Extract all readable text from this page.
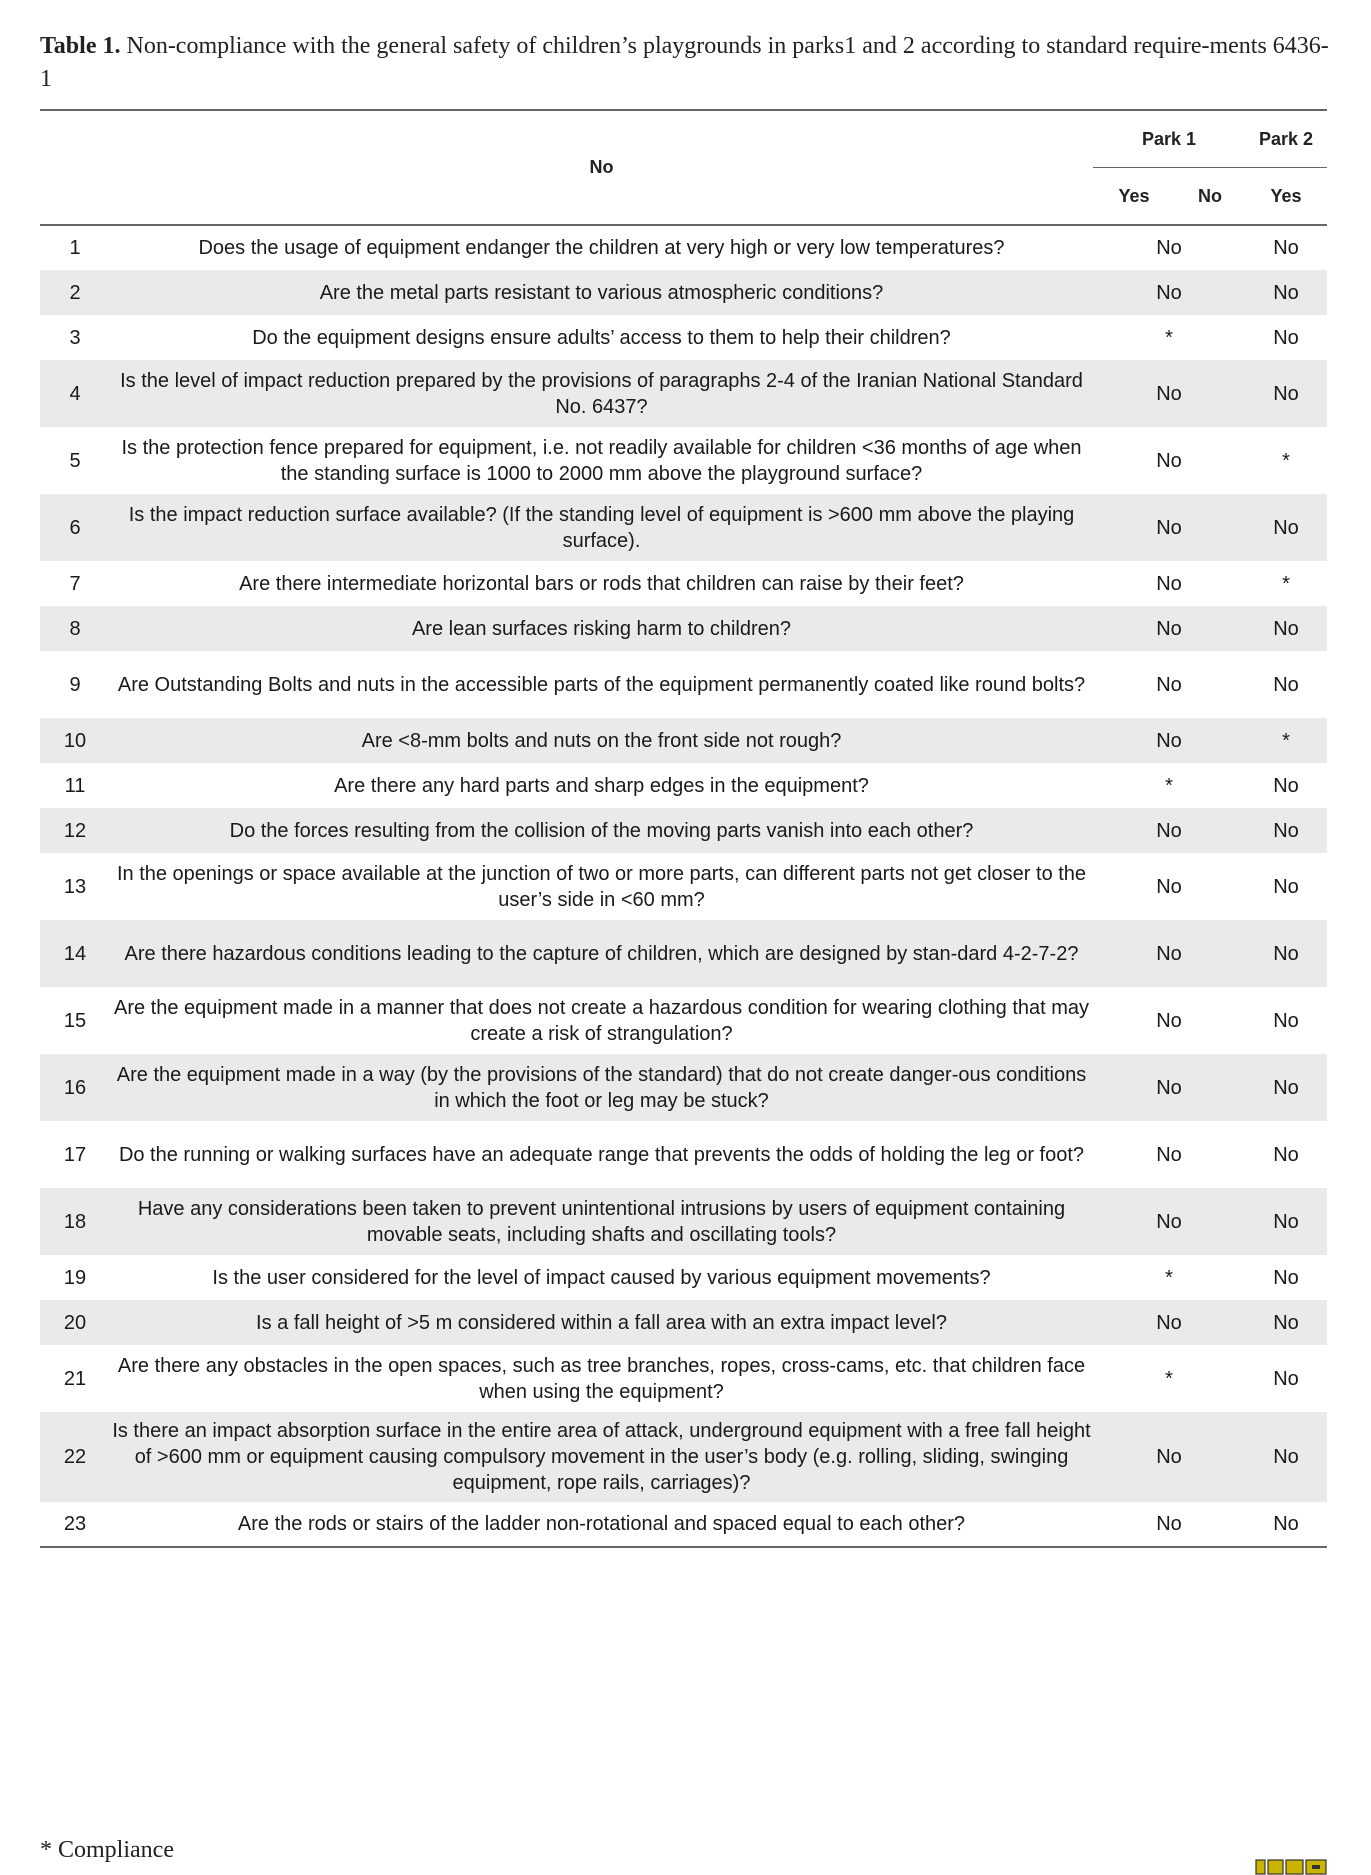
Table 1. Non-compliance with the general safety of children’s playgrounds in parks1 and 2 according to standard require-ments 6436-1
	No	Park 1		Park 2
		Yes	No	Yes
1	Does the usage of equipment endanger the children at very high or very low temperatures?	No		No
2	Are the metal parts resistant to various atmospheric conditions?	No		No
3	Do the equipment designs ensure adults’ access to them to help their children?	*		No
4	Is the level of impact reduction prepared by the provisions of paragraphs 2-4 of the Iranian National Standard No. 6437?	No		No
5	Is the protection fence prepared for equipment, i.e. not readily available for children <36 months of age when the standing surface is 1000 to 2000 mm above the playground surface?	No		*
6	Is the impact reduction surface available? (If the standing level of equipment is >600 mm above the playing surface).	No		No
7	Are there intermediate horizontal bars or rods that children can raise by their feet?	No		*
8	Are lean surfaces risking harm to children?	No		No
9	Are Outstanding Bolts and nuts in the accessible parts of the equipment permanently coated like round bolts?	No		No
10	Are <8-mm bolts and nuts on the front side not rough?	No		*
11	Are there any hard parts and sharp edges in the equipment?	*		No
12	Do the forces resulting from the collision of the moving parts vanish into each other?	No		No
13	In the openings or space available at the junction of two or more parts, can different parts not get closer to the user’s side in <60 mm?	No		No
14	Are there hazardous conditions leading to the capture of children, which are designed by stan-dard 4-2-7-2?	No		No
15	Are the equipment made in a manner that does not create a hazardous condition for wearing clothing that may create a risk of strangulation?	No		No
16	Are the equipment made in a way (by the provisions of the standard) that do not create danger-ous conditions in which the foot or leg may be stuck?	No		No
17	Do the running or walking surfaces have an adequate range that prevents the odds of holding the leg or foot?	No		No
18	Have any considerations been taken to prevent unintentional intrusions by users of equipment containing movable seats, including shafts and oscillating tools?	No		No
19	Is the user considered for the level of impact caused by various equipment movements?	*		No
20	Is a fall height of >5 m considered within a fall area with an extra impact level?	No		No
21	Are there any obstacles in the open spaces, such as tree branches, ropes, cross-cams, etc. that children face when using the equipment?	*		No
22	Is there an impact absorption surface in the entire area of attack, underground equipment with a free fall height of >600 mm or equipment causing compulsory movement in the user’s body (e.g. rolling, sliding, swinging equipment, rope rails, carriages)?	No		No
23	Are the rods or stairs of the ladder non-rotational and spaced equal to each other?	No		No
* Compliance
